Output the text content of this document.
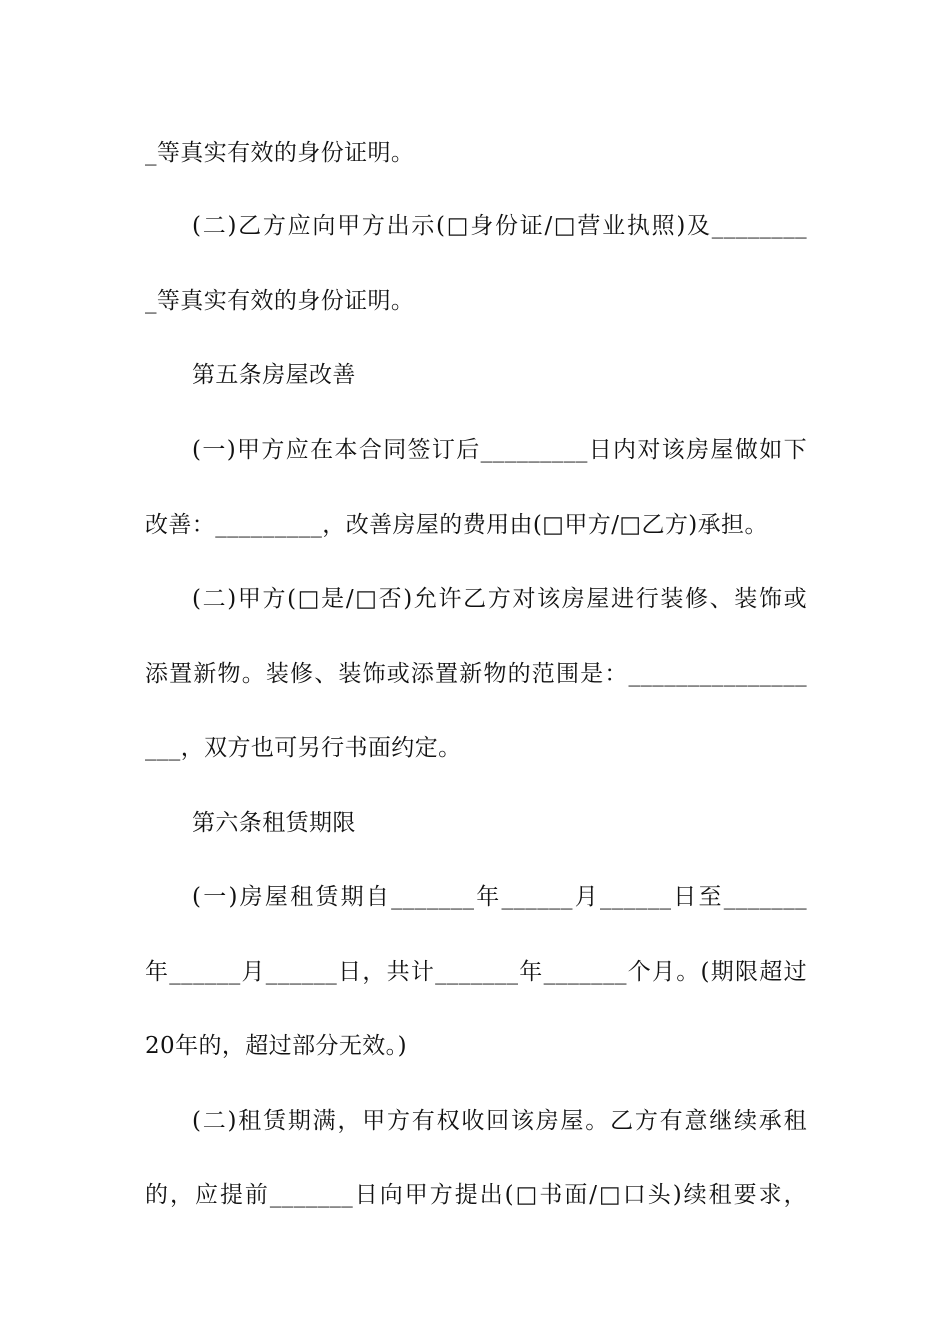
_等真实有效的身份证明。
(二)乙方应向甲方出示(□身份证/□营业执照)及________
_等真实有效的身份证明。
第五条房屋改善
(一)甲方应在本合同签订后_________日内对该房屋做如下
改善：_________，改善房屋的费用由(□甲方/□乙方)承担。
(二)甲方(□是/□否)允许乙方对该房屋进行装修、装饰或
添置新物。装修、装饰或添置新物的范围是：_______________
___，双方也可另行书面约定。
第六条租赁期限
(一)房屋租赁期自_______年______月______日至_______
年______月______日，共计_______年_______个月。(期限超过
20年的，超过部分无效。)
(二)租赁期满，甲方有权收回该房屋。乙方有意继续承租
的，应提前_______日向甲方提出(□书面/□口头)续租要求，
